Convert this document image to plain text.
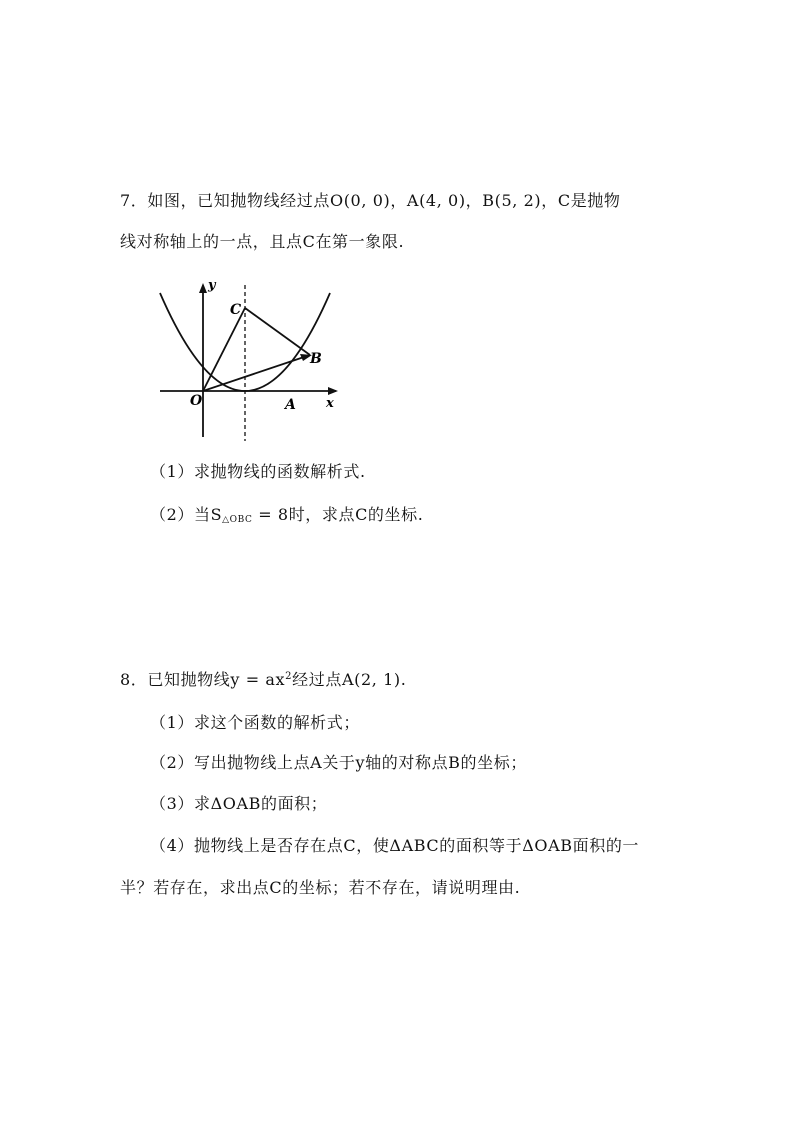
7．如图，已知抛物线经过点O(0, 0)，A(4, 0)，B(5, 2)，C是抛物
线对称轴上的一点，且点C在第一象限.
y
x
O	A
B
C
（1）求抛物线的函数解析式.
（2）当$S_{\triangle OBC} = 8$时，求点C的坐标.
8．已知抛物线$y = ax^2$经过点A(2, 1).
（1）求这个函数的解析式；
（2）写出抛物线上点A关于y轴的对称点B的坐标；
（3）求ΔOAB的面积；
（4）抛物线上是否存在点C，使ΔABC的面积等于ΔOAB面积的一
半？若存在，求出点C的坐标；若不存在，请说明理由.
